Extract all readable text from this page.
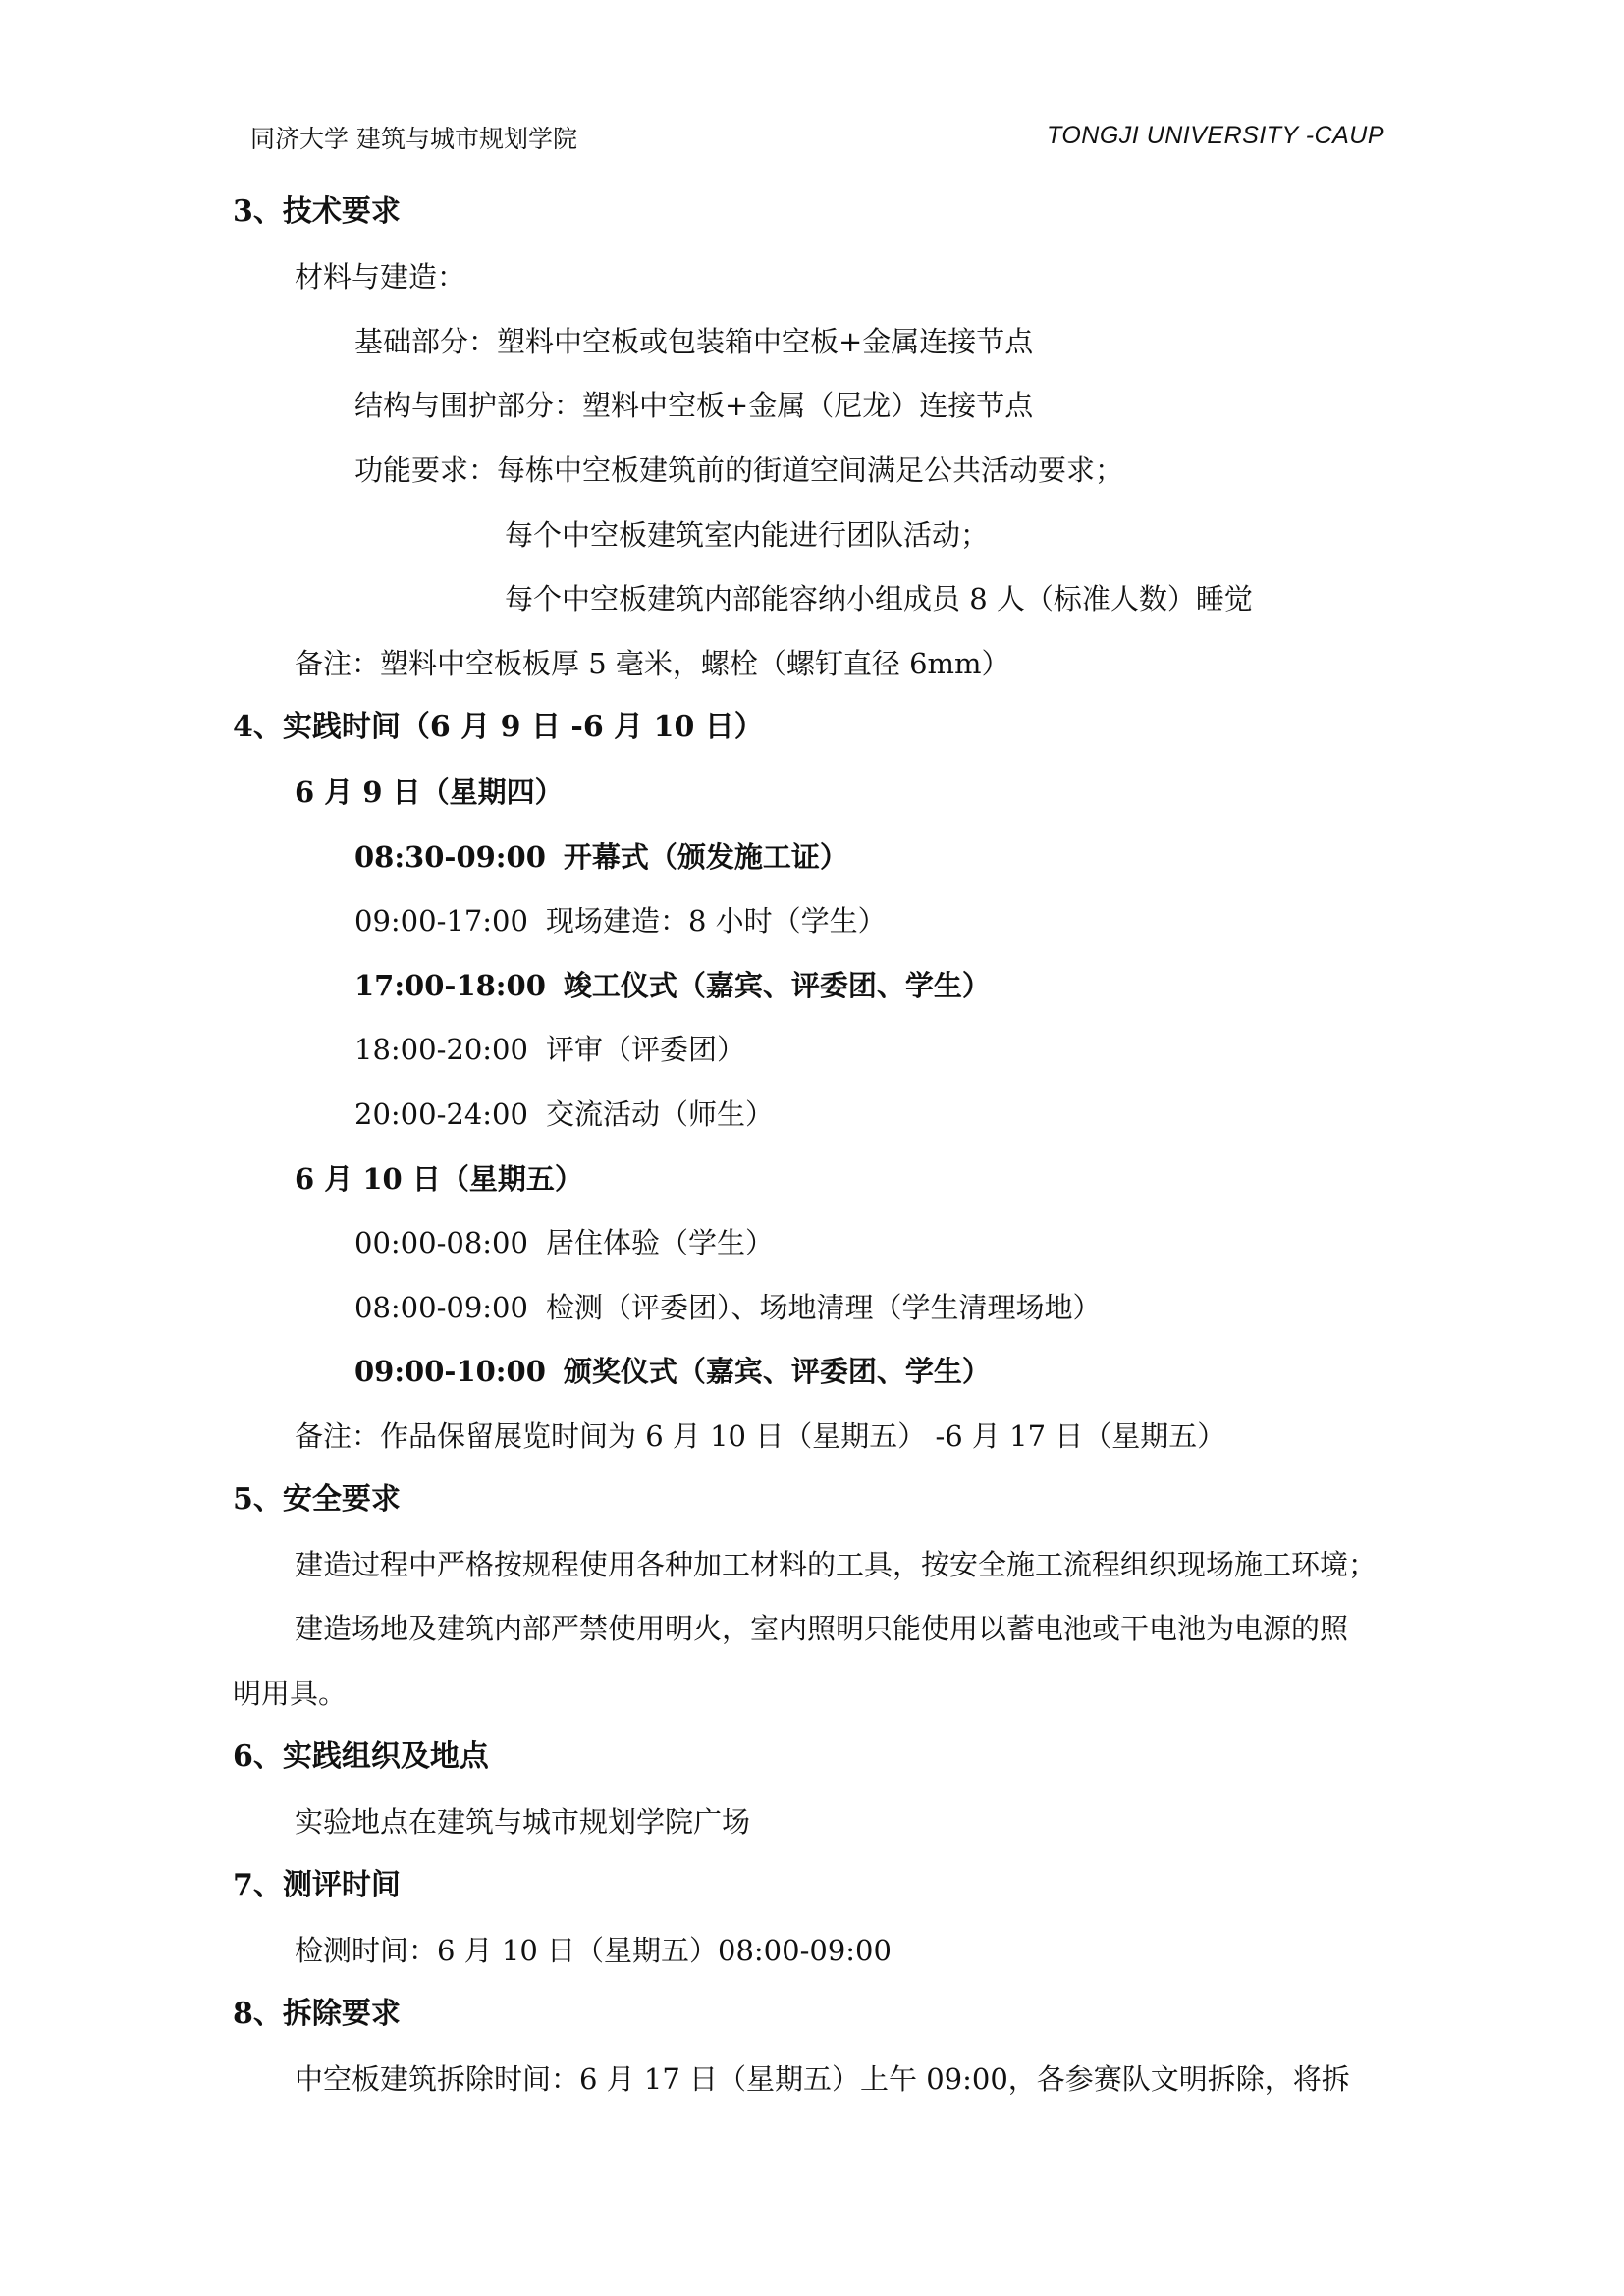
同济大学 建筑与城市规划学院	TONGJI UNIVERSITY -CAUP
3、技术要求
材料与建造：
基础部分：塑料中空板或包装箱中空板+金属连接节点
结构与围护部分：塑料中空板+金属（尼龙）连接节点
功能要求：每栋中空板建筑前的街道空间满足公共活动要求；
每个中空板建筑室内能进行团队活动；
每个中空板建筑内部能容纳小组成员 8 人（标准人数）睡觉
备注：塑料中空板板厚 5 毫米，螺栓（螺钉直径 6mm）
4、实践时间（6 月 9 日 -6 月 10 日）
6 月 9 日（星期四）
08:30-09:00 开幕式（颁发施工证）
09:00-17:00 现场建造：8 小时（学生）
17:00-18:00 竣工仪式（嘉宾、评委团、学生）
18:00-20:00 评审（评委团）
20:00-24:00 交流活动（师生）
6 月 10 日（星期五）
00:00-08:00 居住体验（学生）
08:00-09:00 检测（评委团）、场地清理（学生清理场地）
09:00-10:00 颁奖仪式（嘉宾、评委团、学生）
备注：作品保留展览时间为 6 月 10 日（星期五） -6 月 17 日（星期五）
5、安全要求
建造过程中严格按规程使用各种加工材料的工具，按安全施工流程组织现场施工环境；
建造场地及建筑内部严禁使用明火，室内照明只能使用以蓄电池或干电池为电源的照
明用具。
6、实践组织及地点
实验地点在建筑与城市规划学院广场
7、测评时间
检测时间：6 月 10 日（星期五）08:00-09:00
8、拆除要求
中空板建筑拆除时间：6 月 17 日（星期五）上午 09:00，各参赛队文明拆除，将拆
